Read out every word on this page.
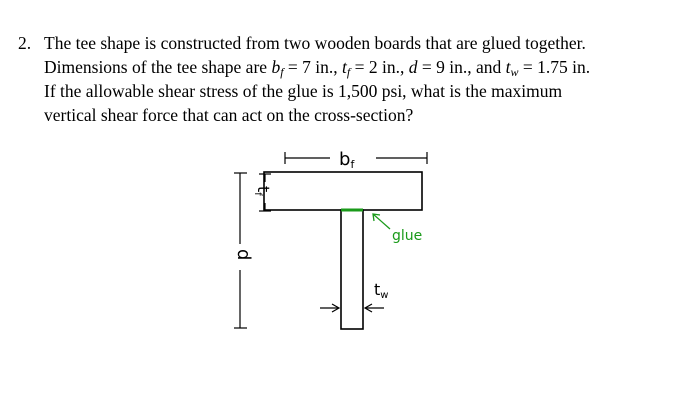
2. The tee shape is constructed from two wooden boards that are glued together.
Dimensions of the tee shape are $b_f = 7$ in., $t_f = 2$ in., d = 9 in., and $t_w = 1.75$ in.
If the allowable shear stress of the glue is 1,500 psi, what is the maximum
vertical shear force that can act on the cross-section?
bf
tf
d
tw
glue
